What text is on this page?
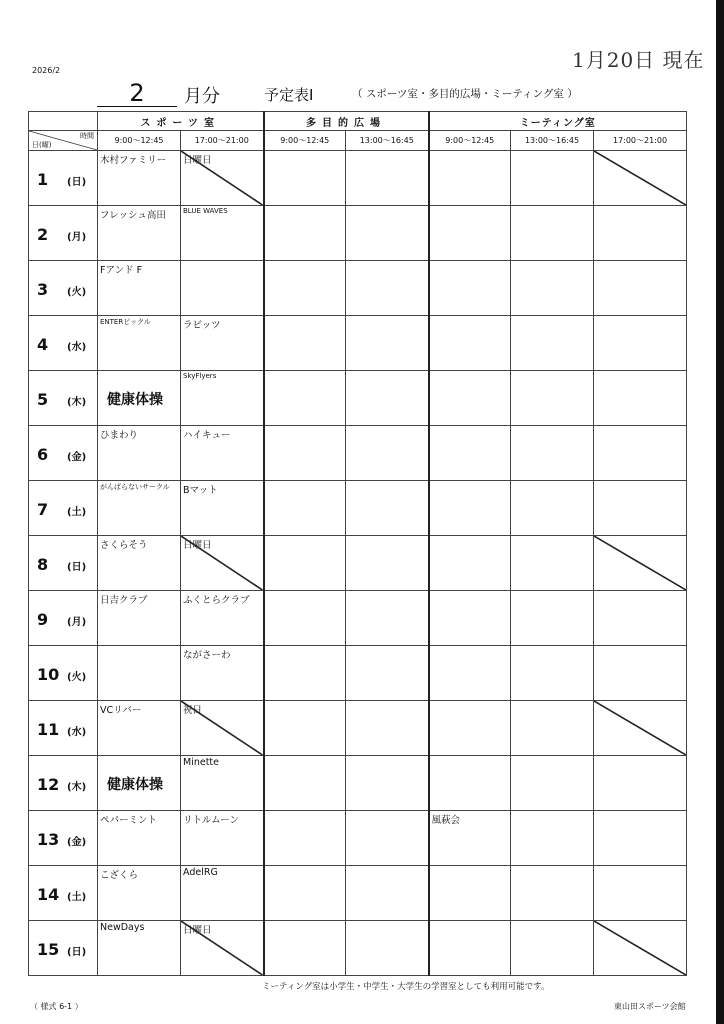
2026/2	1月20日 現在
2	月分	予定表Ⅰ	（ スポーツ室・多目的広場・ミーティング室 ）
	スポーツ室		多目的広場		ミーティング室		

時間
日(曜)	9:00～12:45	17:00～21:00	9:00～12:45	13:00～16:45	9:00～12:45	13:00～16:45	17:00～21:00

1 (日)	木村ファミリー	日曜日

2 (月)	フレッシュ高田	BLUE WAVES					

3 (火)	Fアンド F						

4 (水)	ENTERピックル	ラビッツ					

5 (木)	健康体操	SkyFlyers					

6 (金)	ひまわり	ハイキュー					

7 (土)	がんばらないサークル	Bマット					

8 (日)	さくらそう	日曜日

9 (月)	日吉クラブ	ふくとらクラブ					

10 (火)		ながさーわ					

11 (水)	VCリバー	祝日

12 (木)	健康体操	Minette					

13 (金)	ペパーミント	リトルムーン			風萩会		

14 (土)	こざくら	AdelRG					

15 (日)	NewDays	日曜日

ミーティング室は小学生・中学生・大学生の学習室としても利用可能です。
（ 様式 6-1 ）	東山田スポーツ会館
